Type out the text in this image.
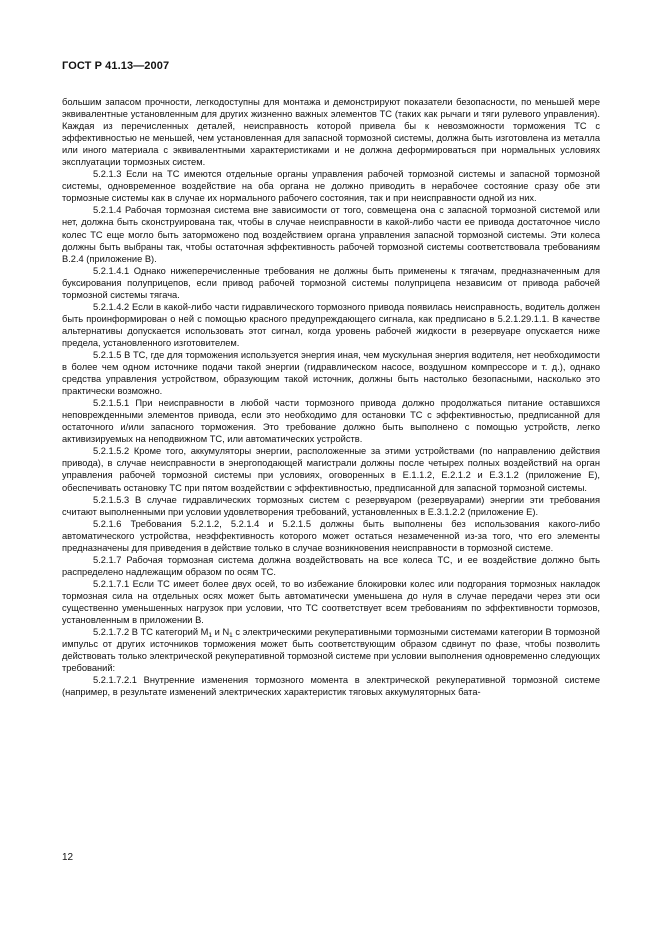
ГОСТ Р 41.13—2007

большим запасом прочности, легкодоступны для монтажа и демонстрируют показатели безопасности, по меньшей мере эквивалентные установленным для других жизненно важных элементов ТС (таких как рычаги и тяги рулевого управления). Каждая из перечисленных деталей, неисправность которой привела бы к невозможности торможения ТС с эффективностью не меньшей, чем установленная для запасной тормозной системы, должна быть изготовлена из металла или иного материала с эквивалентными характеристиками и не должна деформироваться при нормальных условиях эксплуатации тормозных систем.

5.2.1.3 Если на ТС имеются отдельные органы управления рабочей тормозной системы и запасной тормозной системы, одновременное воздействие на оба органа не должно приводить в нерабочее состояние сразу обе эти тормозные системы как в случае их нормального рабочего состояния, так и при неисправности одной из них.

5.2.1.4 Рабочая тормозная система вне зависимости от того, совмещена она с запасной тормозной системой или нет, должна быть сконструирована так, чтобы в случае неисправности в какой-либо части ее привода достаточное число колес ТС еще могло быть заторможено под воздействием органа управления запасной тормозной системы. Эти колеса должны быть выбраны так, чтобы остаточная эффективность рабочей тормозной системы соответствовала требованиям В.2.4 (приложение В).

5.2.1.4.1 Однако нижеперечисленные требования не должны быть применены к тягачам, предназначенным для буксирования полуприцепов, если привод рабочей тормозной системы полуприцепа независим от привода рабочей тормозной системы тягача.

5.2.1.4.2 Если в какой-либо части гидравлического тормозного привода появилась неисправность, водитель должен быть проинформирован о ней с помощью красного предупреждающего сигнала, как предписано в 5.2.1.29.1.1. В качестве альтернативы допускается использовать этот сигнал, когда уровень рабочей жидкости в резервуаре опускается ниже предела, установленного изготовителем.

5.2.1.5 В ТС, где для торможения используется энергия иная, чем мускульная энергия водителя, нет необходимости в более чем одном источнике подачи такой энергии (гидравлическом насосе, воздушном компрессоре и т. д.), однако средства управления устройством, образующим такой источник, должны быть настолько безопасными, насколько это практически возможно.

5.2.1.5.1 При неисправности в любой части тормозного привода должно продолжаться питание оставшихся неповрежденными элементов привода, если это необходимо для остановки ТС с эффективностью, предписанной для остаточного и/или запасного торможения. Это требование должно быть выполнено с помощью устройств, легко активизируемых на неподвижном ТС, или автоматических устройств.

5.2.1.5.2 Кроме того, аккумуляторы энергии, расположенные за этими устройствами (по направлению действия привода), в случае неисправности в энергоподающей магистрали должны после четырех полных воздействий на орган управления рабочей тормозной системы при условиях, оговоренных в Е.1.1.2, Е.2.1.2 и Е.3.1.2 (приложение Е), обеспечивать остановку ТС при пятом воздействии с эффективностью, предписанной для запасной тормозной системы.

5.2.1.5.3 В случае гидравлических тормозных систем с резервуаром (резервуарами) энергии эти требования считают выполненными при условии удовлетворения требований, установленных в Е.3.1.2.2 (приложение Е).

5.2.1.6 Требования 5.2.1.2, 5.2.1.4 и 5.2.1.5 должны быть выполнены без использования какого-либо автоматического устройства, неэффективность которого может остаться незамеченной из-за того, что его элементы предназначены для приведения в действие только в случае возникновения неисправности в тормозной системе.

5.2.1.7 Рабочая тормозная система должна воздействовать на все колеса ТС, и ее воздействие должно быть распределено надлежащим образом по осям ТС.

5.2.1.7.1 Если ТС имеет более двух осей, то во избежание блокировки колес или подгорания тормозных накладок тормозная сила на отдельных осях может быть автоматически уменьшена до нуля в случае передачи через эти оси существенно уменьшенных нагрузок при условии, что ТС соответствует всем требованиям по эффективности тормозов, установленным в приложении В.

5.2.1.7.2 В ТС категорий $М_1$ и $N_1$ с электрическими рекуперативными тормозными системами категории В тормозной импульс от других источников торможения может быть соответствующим образом сдвинут по фазе, чтобы позволить действовать только электрической рекуперативной тормозной системе при условии выполнения одновременно следующих требований:

5.2.1.7.2.1 Внутренние изменения тормозного момента в электрической рекуперативной тормозной системе (например, в результате изменений электрических характеристик тяговых аккумуляторных бата-

12
